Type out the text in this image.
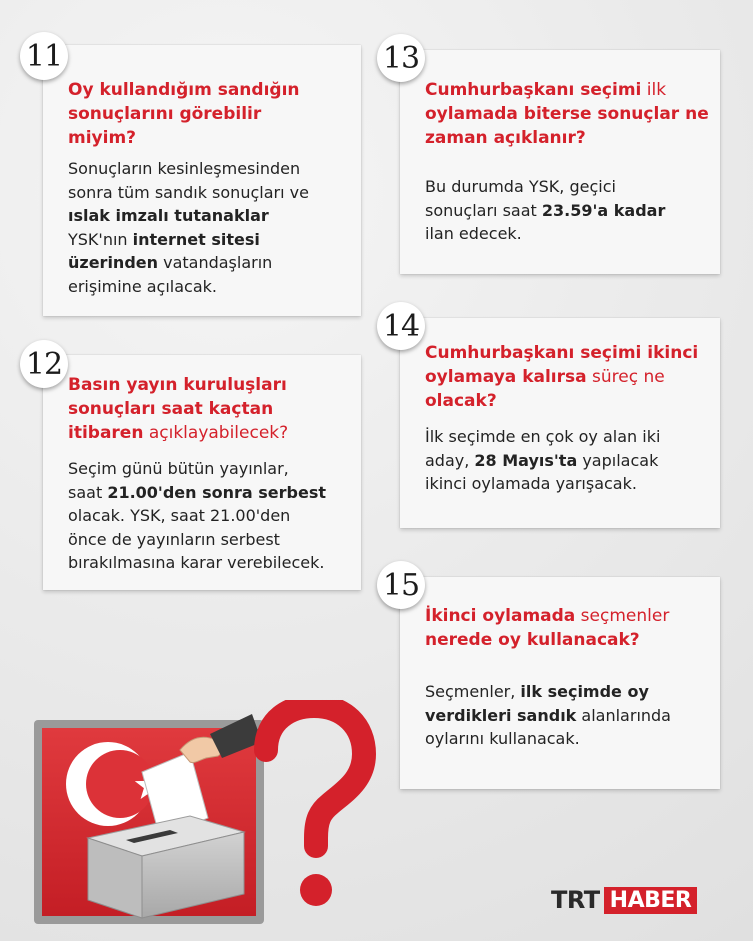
Oy kullandığım sandığın
sonuçlarını görebilir
miyim?

Sonuçların kesinleşmesinden
sonra tüm sandık sonuçları ve
ıslak imzalı tutanaklar
YSK'nın internet sitesi
üzerinden vatandaşların
erişimine açılacak.

11

Basın yayın kuruluşları
sonuçları saat kaçtan
itibaren açıklayabilecek?

Seçim günü bütün yayınlar,
saat 21.00'den sonra serbest
olacak. YSK, saat 21.00'den
önce de yayınların serbest
bırakılmasına karar verebilecek.

12

Cumhurbaşkanı seçimi ilk
oylamada biterse sonuçlar ne
zaman açıklanır?

Bu durumda YSK, geçici
sonuçları saat 23.59'a kadar
ilan edecek.

13

Cumhurbaşkanı seçimi ikinci
oylamaya kalırsa süreç ne
olacak?

İlk seçimde en çok oy alan iki
aday, 28 Mayıs'ta yapılacak
ikinci oylamada yarışacak.

14

İkinci oylamada seçmenler
nerede oy kullanacak?

Seçmenler, ilk seçimde oy
verdikleri sandık alanlarında
oylarını kullanacak.

15
TRT HABER
